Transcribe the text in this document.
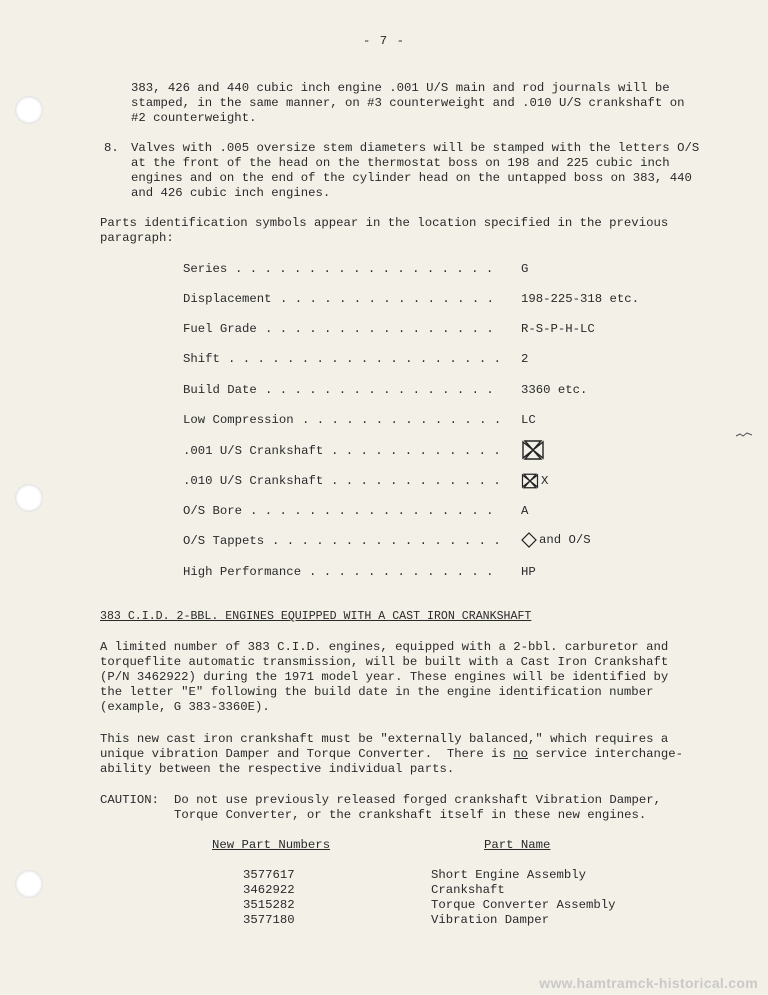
- 7 -
383, 426 and 440 cubic inch engine .001 U/S main and rod journals will be
stamped, in the same manner, on #3 counterweight and .010 U/S crankshaft on
#2 counterweight.
8. Valves with .005 oversize stem diameters will be stamped with the letters O/S
at the front of the head on the thermostat boss on 198 and 225 cubic inch
engines and on the end of the cylinder head on the untapped boss on 383, 440
and 426 cubic inch engines.
Parts identification symbols appear in the location specified in the previous
paragraph:
Series . . . . . . . . . . . . . . . . . . G
Displacement . . . . . . . . . . . . . . . 198-225-318 etc.
Fuel Grade . . . . . . . . . . . . . . . . R-S-P-H-LC
Shift . . . . . . . . . . . . . . . . . . . 2
Build Date . . . . . . . . . . . . . . . . 3360 etc.
Low Compression . . . . . . . . . . . . . . LC
.001 U/S Crankshaft . . . . . . . . . . . .
.010 U/S Crankshaft . . . . . . . . . . . .	X
O/S Bore . . . . . . . . . . . . . . . . . A
O/S Tappets . . . . . . . . . . . . . . . .	and O/S
High Performance . . . . . . . . . . . . . HP
383 C.I.D. 2-BBL. ENGINES EQUIPPED WITH A CAST IRON CRANKSHAFT
A limited number of 383 C.I.D. engines, equipped with a 2-bbl. carburetor and
torqueflite automatic transmission, will be built with a Cast Iron Crankshaft
(P/N 3462922) during the 1971 model year. These engines will be identified by
the letter "E" following the build date in the engine identification number
(example, G 383-3360E).
This new cast iron crankshaft must be "externally balanced," which requires a
unique vibration Damper and Torque Converter.  There is no service interchange-
ability between the respective individual parts.
CAUTION: Do not use previously released forged crankshaft Vibration Damper,
Torque Converter, or the crankshaft itself in these new engines.
New Part Numbers	Part Name
3577617	Short Engine Assembly
3462922	Crankshaft
3515282	Torque Converter Assembly
3577180	Vibration Damper
www.hamtramck-historical.com
